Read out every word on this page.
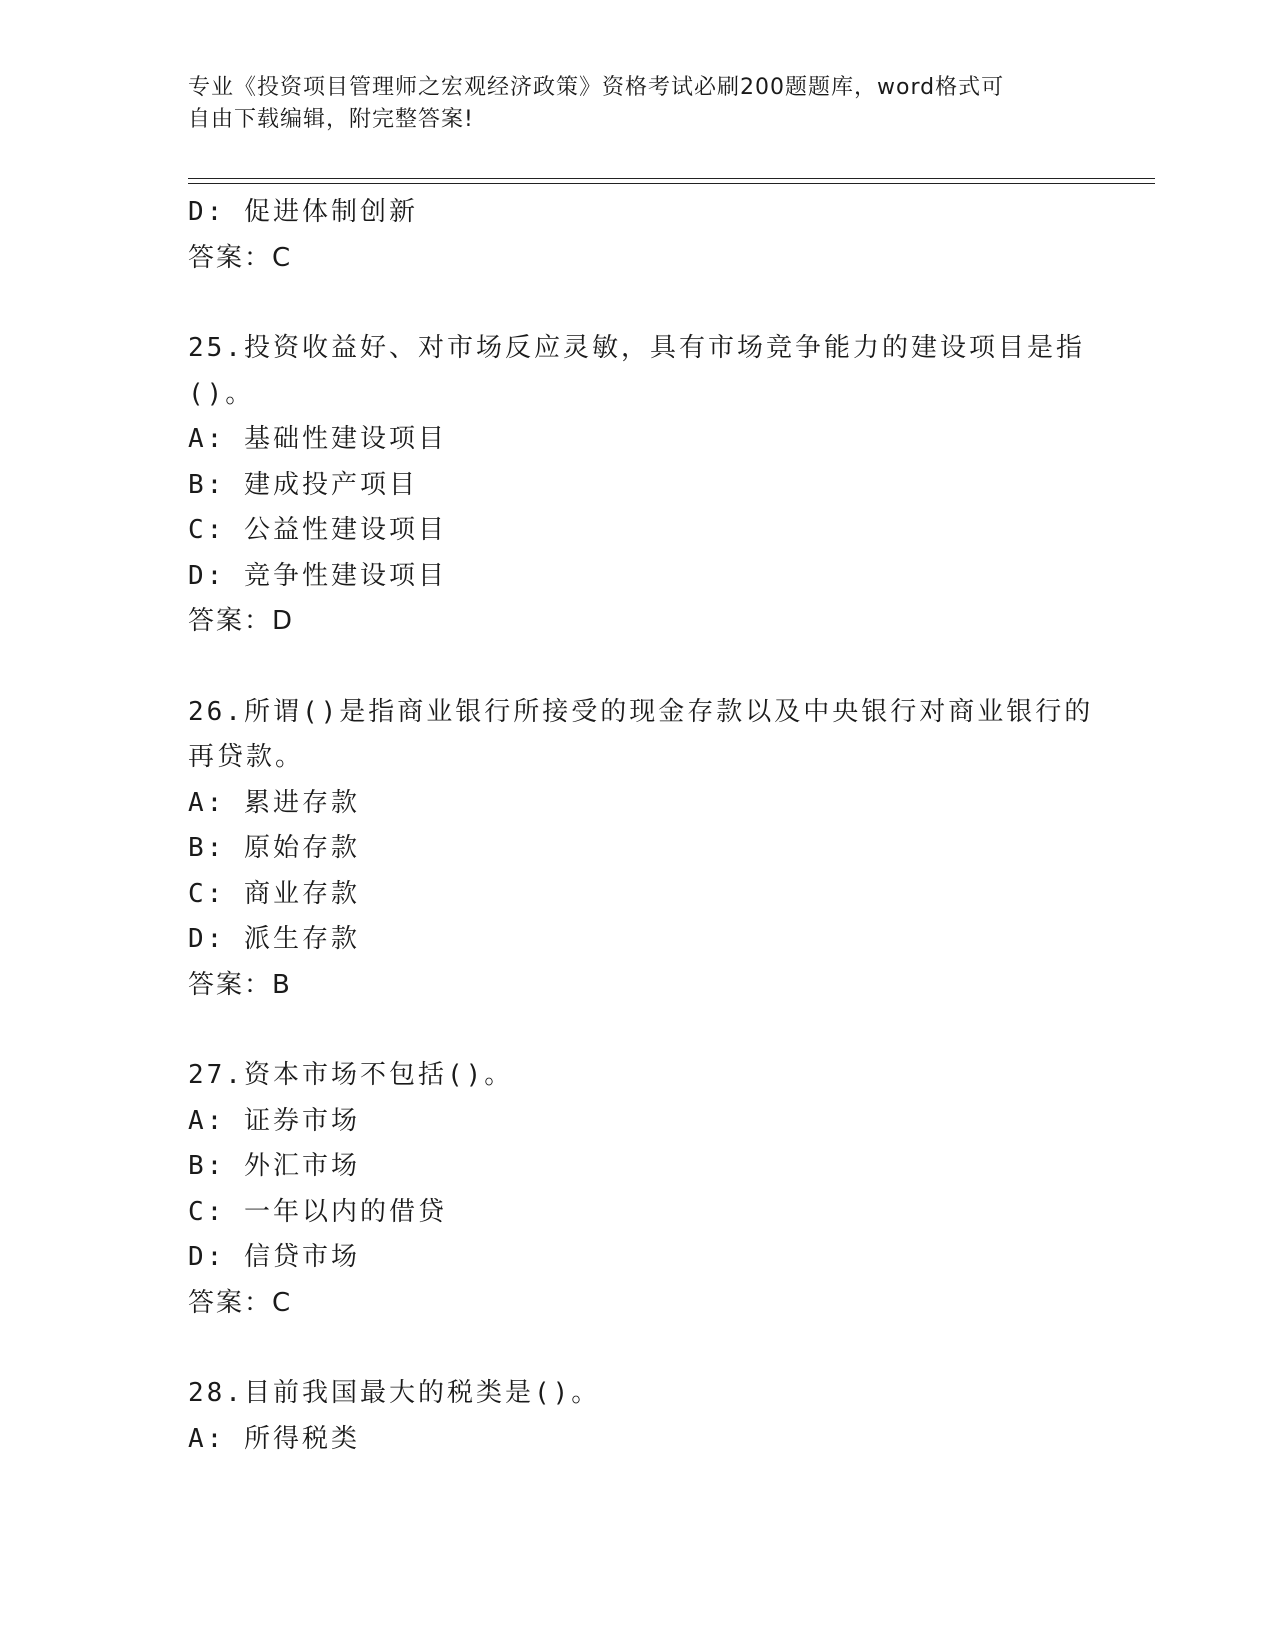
专业《投资项目管理师之宏观经济政策》资格考试必刷200题题库，word格式可
自由下载编辑，附完整答案!
D: 促进体制创新
答案：C
25.投资收益好、对市场反应灵敏，具有市场竞争能力的建设项目是指
()。
A: 基础性建设项目
B: 建成投产项目
C: 公益性建设项目
D: 竞争性建设项目
答案：D
26.所谓()是指商业银行所接受的现金存款以及中央银行对商业银行的
再贷款。
A: 累进存款
B: 原始存款
C: 商业存款
D: 派生存款
答案：B
27.资本市场不包括()。
A: 证券市场
B: 外汇市场
C: 一年以内的借贷
D: 信贷市场
答案：C
28.目前我国最大的税类是()。
A: 所得税类
